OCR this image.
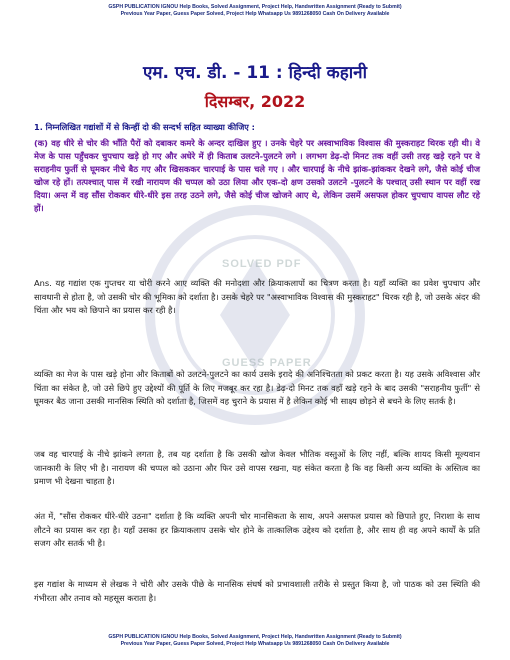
GSPH PUBLICATION IGNOU Help Books, Solved Assignment, Project Help, Handwritten Assignment (Ready to Submit)
Previous Year Paper, Guess Paper Solved, Project Help Whatsapp Us 9891268050 Cash On Delivery Available
SOLVED PDF
GUESS PAPER
एम. एच. डी. - 11 : हिन्दी कहानी
दिसम्बर, 2022
1. निम्नलिखित गद्यांशों में से किन्हीं दो की सन्दर्भ सहित व्याख्या कीजिए :
(क) वह धीरे से चोर की भाँति पैरों को दबाकर कमरे के अन्दर दाखिल हुए । उनके चेहरे पर अस्वाभाविक विश्वास की मुस्कराहट थिरक रही थी। वे मेज के पास पहुँचकर चुपचाप खड़े हो गए और अधेरे में ही किताब उलटने-पुलटने लगे । लगभग डेढ़-दो मिनट तक वहीं उसी तरह खड़े रहने पर वे सराहनीय फुर्ती से घूमकर नीचे बैठ गए और खिसककर चारपाई के पास चले गए । और चारपाई के नीचे झांक-झांककर देखने लगे, जैसे कोई चीज खोज रहे हों। तत्पश्चात् पास में रखी नारायण की चप्पल को उठा लिया और एक-दो क्षण उसको उलटने -पुलटने के पश्चात् उसी स्थान पर वहीं रख दिया। अन्त में वह सौंस रोककर धीरे-धीरे इस तरह उठने लगे, जैसे कोई चीज खोजने आए थे, लेकिन उसमें असफल होकर चुपचाप वापस लौट रहे हों।

Ans. यह गद्यांश एक गुप्तचर या चोरी करने आए व्यक्ति की मनोदशा और क्रियाकलापों का चित्रण करता है। यहाँ व्यक्ति का प्रवेश चुपचाप और सावधानी से होता है, जो उसकी चोर की भूमिका को दर्शाता है। उसके चेहरे पर "अस्वाभाविक विश्वास की मुस्कराहट" थिरक रही है, जो उसके अंदर की चिंता और भय को छिपाने का प्रयास कर रही है।

व्यक्ति का मेज के पास खड़े होना और किताबों को उलटने-पुलटने का कार्य उसके इरादे की अनिश्चितता को प्रकट करता है। यह उसके अविश्वास और चिंता का संकेत है, जो उसे छिपे हुए उद्देश्यों की पूर्ति के लिए मजबूर कर रहा है। डेढ़-दो मिनट तक वहाँ खड़े रहने के बाद उसकी "सराहनीय फुर्ती" से घूमकर बैठ जाना उसकी मानसिक स्थिति को दर्शाता है, जिसमें वह चुराने के प्रयास में है लेकिन कोई भी साक्ष्य छोड़ने से बचने के लिए सतर्क है।

जब वह चारपाई के नीचे झांकने लगता है, तब यह दर्शाता है कि उसकी खोज केवल भौतिक वस्तुओं के लिए नहीं, बल्कि शायद किसी मूल्यवान जानकारी के लिए भी है। नारायण की चप्पल को उठाना और फिर उसे वापस रखना, यह संकेत करता है कि वह किसी अन्य व्यक्ति के अस्तित्व का प्रमाण भी देखना चाहता है।

अंत में, "सौंस रोककर धीरे-धीरे उठना" दर्शाता है कि व्यक्ति अपनी चोर मानसिकता के साथ, अपने असफल प्रयास को छिपाते हुए, निराशा के साथ लौटने का प्रयास कर रहा है। यहाँ उसका हर क्रियाकलाप उसके चोर होने के तात्कालिक उद्देश्य को दर्शाता है, और साथ ही वह अपने कार्यों के प्रति सजग और सतर्क भी है।

इस गद्यांश के माध्यम से लेखक ने चोरी और उसके पीछे के मानसिक संघर्ष को प्रभावशाली तरीके से प्रस्तुत किया है, जो पाठक को उस स्थिति की गंभीरता और तनाव को महसूस कराता है।

GSPH PUBLICATION IGNOU Help Books, Solved Assignment, Project Help, Handwritten Assignment (Ready to Submit)
Previous Year Paper, Guess Paper Solved, Project Help Whatsapp Us 9891268050 Cash On Delivery Available
